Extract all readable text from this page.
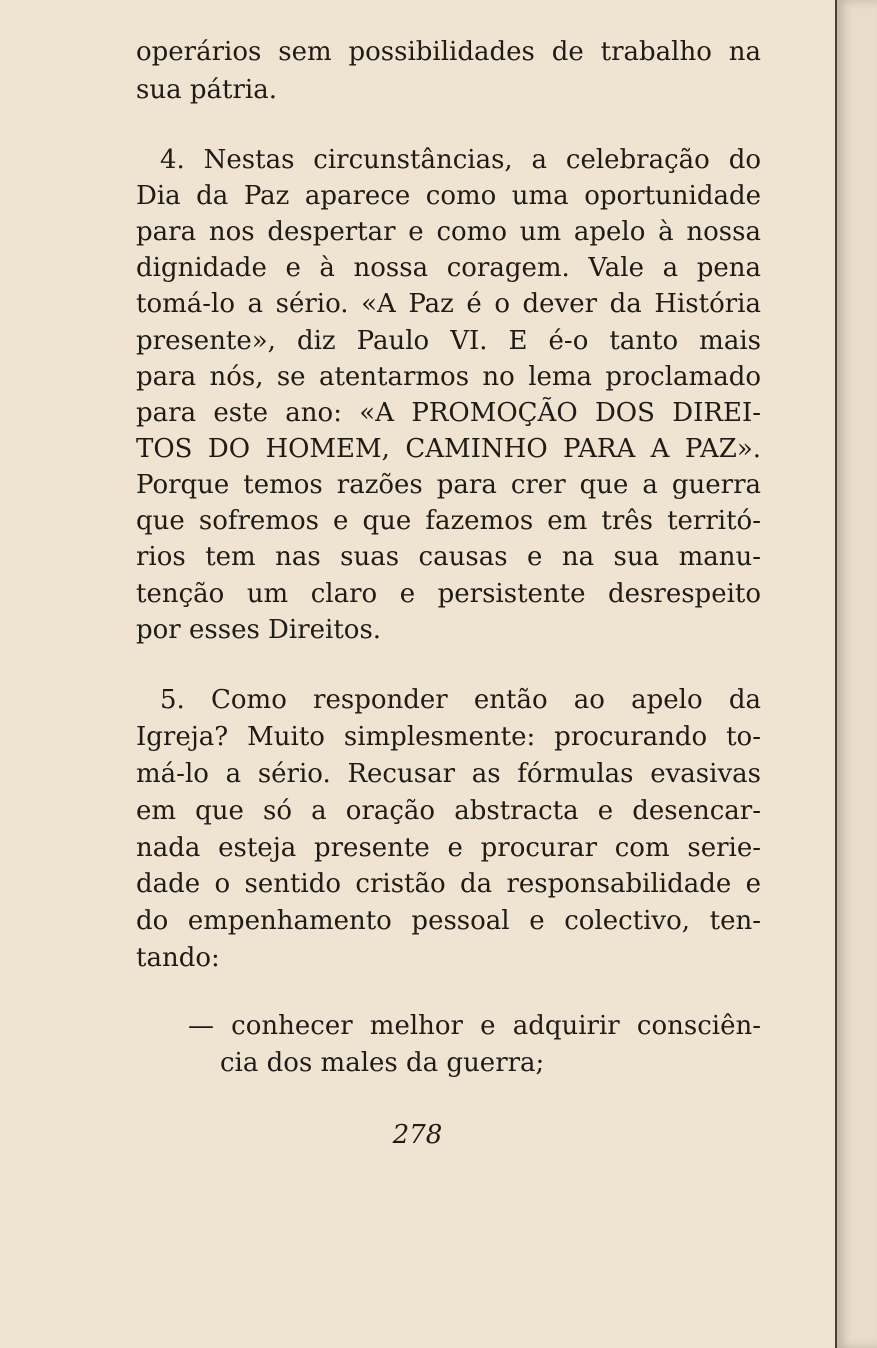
operários sem possibilidades de trabalho na
sua pátria.
4. Nestas circunstâncias, a celebração do
Dia da Paz aparece como uma oportunidade
para nos despertar e como um apelo à nossa
dignidade e à nossa coragem. Vale a pena
tomá-lo a sério. «A Paz é o dever da História
presente», diz Paulo VI. E é-o tanto mais
para nós, se atentarmos no lema proclamado
para este ano: «A PROMOÇÃO DOS DIREI-
TOS DO HOMEM, CAMINHO PARA A PAZ».
Porque temos razões para crer que a guerra
que sofremos e que fazemos em três territó-
rios tem nas suas causas e na sua manu-
tenção um claro e persistente desrespeito
por esses Direitos.
5. Como responder então ao apelo da
Igreja? Muito simplesmente: procurando to-
má-lo a sério. Recusar as fórmulas evasivas
em que só a oração abstracta e desencar-
nada esteja presente e procurar com serie-
dade o sentido cristão da responsabilidade e
do empenhamento pessoal e colectivo, ten-
tando:
— conhecer melhor e adquirir consciên-
cia dos males da guerra;
278
